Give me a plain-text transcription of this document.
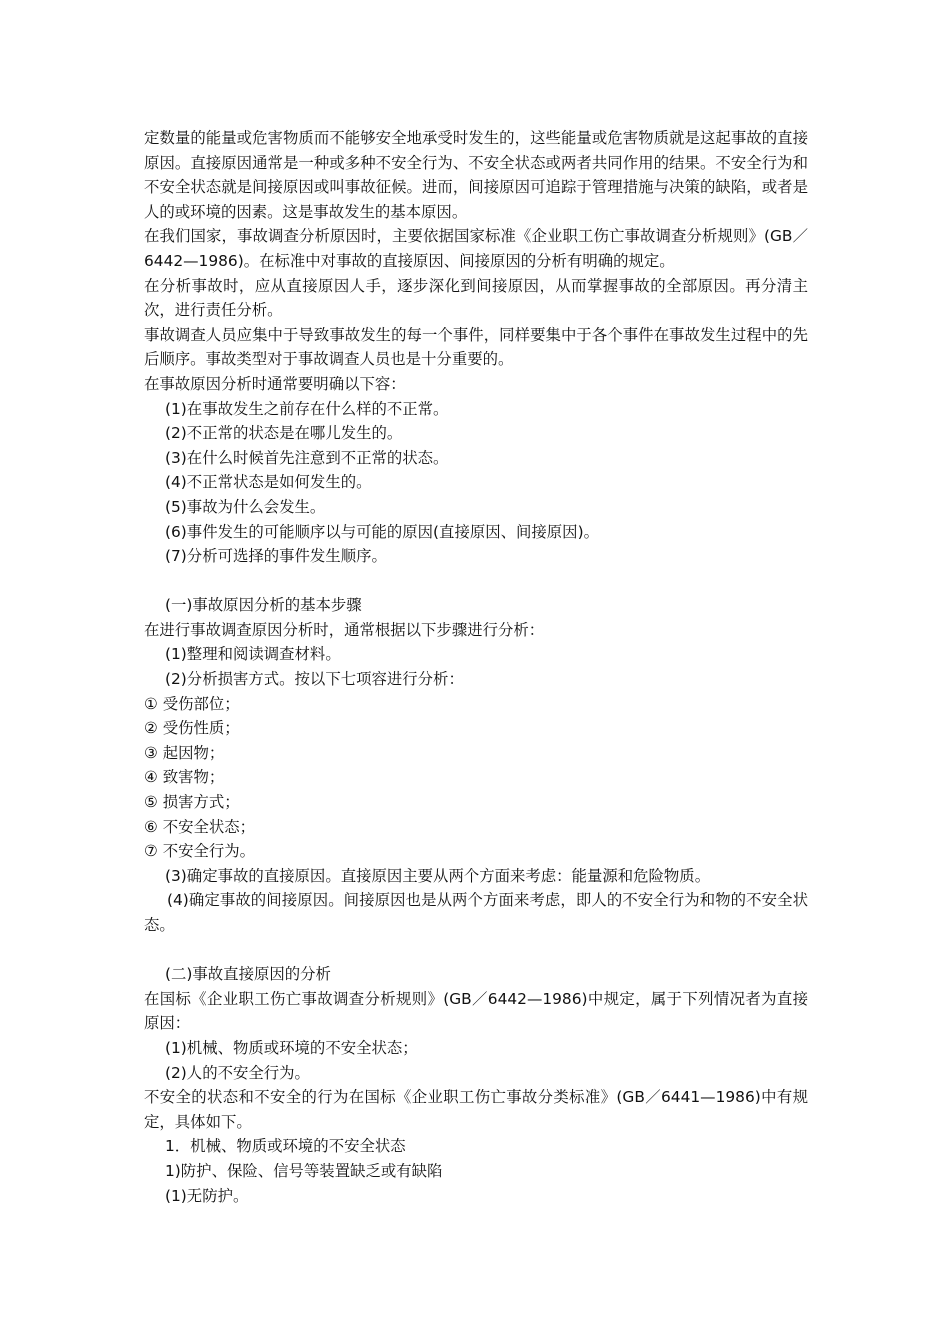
定数量的能量或危害物质而不能够安全地承受时发生的，这些能量或危害物质就是这起事故的直接原因。直接原因通常是一种或多种不安全行为、不安全状态或两者共同作用的结果。不安全行为和不安全状态就是间接原因或叫事故征候。进而，间接原因可追踪于管理措施与决策的缺陷，或者是人的或环境的因素。这是事故发生的基本原因。

在我们国家，事故调查分析原因时，主要依据国家标准《企业职工伤亡事故调查分析规则》(GB／6442—1986)。在标准中对事故的直接原因、间接原因的分析有明确的规定。

在分析事故时，应从直接原因人手，逐步深化到间接原因，从而掌握事故的全部原因。再分清主次，进行责任分析。

事故调查人员应集中于导致事故发生的每一个事件，同样要集中于各个事件在事故发生过程中的先后顺序。事故类型对于事故调查人员也是十分重要的。

在事故原因分析时通常要明确以下容：

(1)在事故发生之前存在什么样的不正常。

(2)不正常的状态是在哪儿发生的。

(3)在什么时候首先注意到不正常的状态。

(4)不正常状态是如何发生的。

(5)事故为什么会发生。

(6)事件发生的可能顺序以与可能的原因(直接原因、间接原因)。

(7)分析可选择的事件发生顺序。

(一)事故原因分析的基本步骤

在进行事故调查原因分析时，通常根据以下步骤进行分析：

(1)整理和阅读调查材料。

(2)分析损害方式。按以下七项容进行分析：

① 受伤部位；

② 受伤性质；

③ 起因物；

④ 致害物；

⑤ 损害方式；

⑥ 不安全状态；

⑦ 不安全行为。

(3)确定事故的直接原因。直接原因主要从两个方面来考虑：能量源和危险物质。

(4)确定事故的间接原因。间接原因也是从两个方面来考虑，即人的不安全行为和物的不安全状态。

(二)事故直接原因的分析

在国标《企业职工伤亡事故调查分析规则》(GB／6442—1986)中规定，属于下列情况者为直接原因：

(1)机械、物质或环境的不安全状态；

(2)人的不安全行为。

不安全的状态和不安全的行为在国标《企业职工伤亡事故分类标准》(GB／6441—1986)中有规定，具体如下。

1．机械、物质或环境的不安全状态

1)防护、保险、信号等装置缺乏或有缺陷

(1)无防护。
